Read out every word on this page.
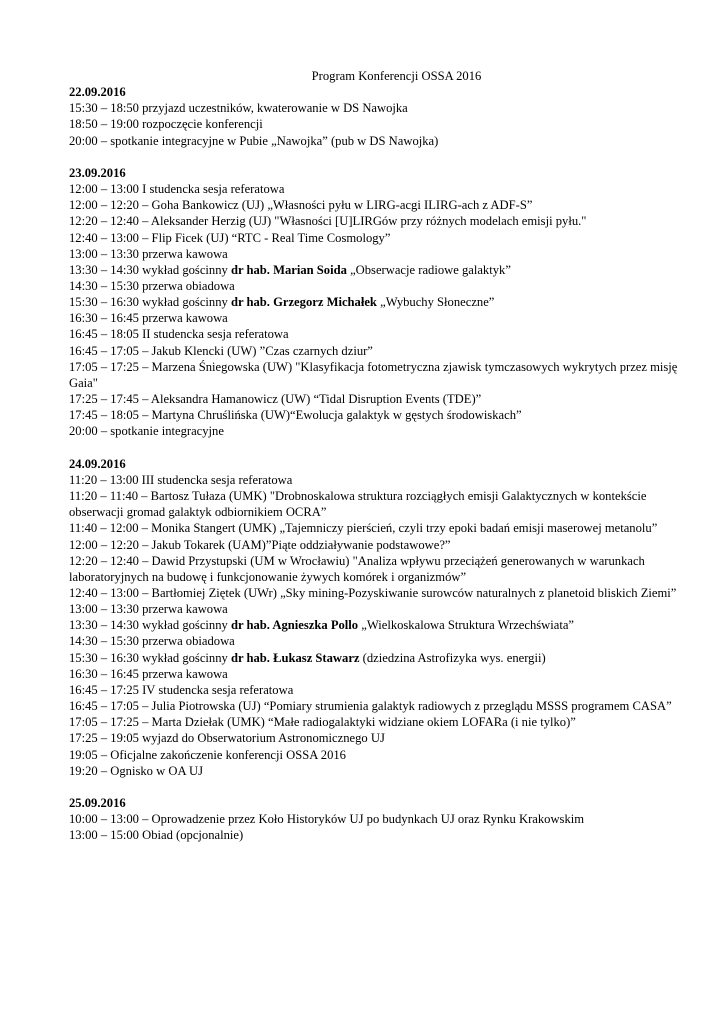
Program Konferencji OSSA 2016
22.09.2016
15:30 – 18:50 przyjazd uczestników, kwaterowanie w DS Nawojka
18:50 – 19:00 rozpoczęcie konferencji
20:00 – spotkanie integracyjne w Pubie „Nawojka” (pub w DS Nawojka)
23.09.2016
12:00 – 13:00 I studencka sesja referatowa
12:00 – 12:20 – Goha Bankowicz (UJ) „Własności pyłu w LIRG-acgi ILIRG-ach z ADF-S”
12:20 – 12:40 – Aleksander Herzig (UJ) "Własności [U]LIRGów przy różnych modelach emisji pyłu."
12:40 – 13:00 – Flip Ficek (UJ) “RTC - Real Time Cosmology”
13:00 – 13:30 przerwa kawowa
13:30 – 14:30 wykład gościnny dr hab. Marian Soida „Obserwacje radiowe galaktyk”
14:30 – 15:30 przerwa obiadowa
15:30 – 16:30 wykład gościnny dr hab. Grzegorz Michałek „Wybuchy Słoneczne”
16:30 – 16:45 przerwa kawowa
16:45 – 18:05 II studencka sesja referatowa
16:45 – 17:05 – Jakub Klencki (UW) ”Czas czarnych dziur”
17:05 – 17:25 – Marzena Śniegowska (UW) "Klasyfikacja fotometryczna zjawisk tymczasowych wykrytych przez misję Gaia"
17:25 – 17:45 – Aleksandra Hamanowicz (UW) “Tidal Disruption Events (TDE)”
17:45 – 18:05 – Martyna Chruślińska (UW)“Ewolucja galaktyk w gęstych środowiskach”
20:00 – spotkanie integracyjne
24.09.2016
11:20 – 13:00 III studencka sesja referatowa
11:20 – 11:40 – Bartosz Tułaza (UMK) "Drobnoskalowa struktura rozciągłych emisji Galaktycznych w kontekście obserwacji gromad galaktyk odbiornikiem OCRA”
11:40 – 12:00 – Monika Stangert (UMK) „Tajemniczy pierścień, czyli trzy epoki badań emisji maserowej metanolu”
12:00 – 12:20 – Jakub Tokarek (UAM)”Piąte oddziaływanie podstawowe?”
12:20 – 12:40 – Dawid Przystupski (UM w Wrocławiu) "Analiza wpływu przeciążeń generowanych w warunkach laboratoryjnych na budowę i funkcjonowanie żywych komórek i organizmów”
12:40 – 13:00 – Bartłomiej Ziętek (UWr) „Sky mining-Pozyskiwanie surowców naturalnych z planetoid bliskich Ziemi”
13:00 – 13:30 przerwa kawowa
13:30 – 14:30 wykład gościnny dr hab. Agnieszka Pollo „Wielkoskalowa Struktura Wrzechświata”
14:30 – 15:30 przerwa obiadowa
15:30 – 16:30 wykład gościnny dr hab. Łukasz Stawarz (dziedzina Astrofizyka wys. energii)
16:30 – 16:45 przerwa kawowa
16:45 – 17:25 IV studencka sesja referatowa
16:45 – 17:05 – Julia Piotrowska (UJ) “Pomiary strumienia galaktyk radiowych z przeglądu MSSS programem CASA”
17:05 – 17:25 – Marta Dziełak (UMK) “Małe radiogalaktyki widziane okiem LOFARa (i nie tylko)”
17:25 – 19:05 wyjazd do Obserwatorium Astronomicznego UJ
19:05 – Oficjalne zakończenie konferencji OSSA 2016
19:20 – Ognisko w OA UJ
25.09.2016
10:00 – 13:00 – Oprowadzenie przez Koło Historyków UJ po budynkach UJ oraz Rynku Krakowskim
13:00 – 15:00 Obiad (opcjonalnie)
